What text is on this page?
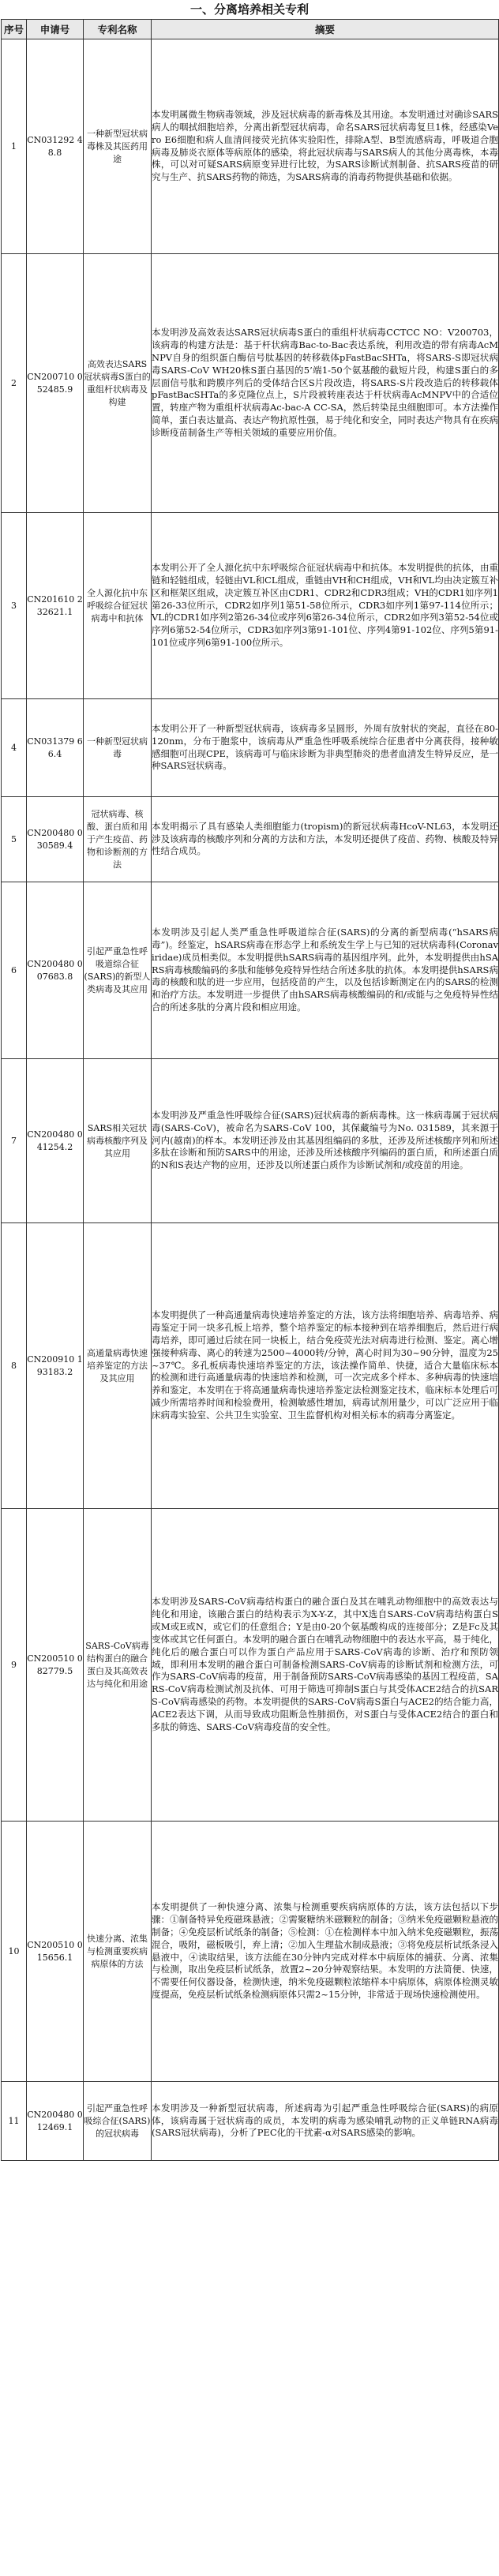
一、分离培养相关专利
序号	申请号	专利名称	摘要
1	CN031292 48.8	一种新型冠状病毒株及其医药用途	本发明属微生物病毒领域，涉及冠状病毒的新毒株及其用途。本发明通过对确诊SARS病人的咽拭细胞培养，分离出新型冠状病毒，命名SARS冠状病毒复旦1株，经感染Vero E6细胞和病人血清间接荧光抗体实验阳性，排除A型、B型流感病毒，呼吸道合胞病毒及肺炎衣原体等病原体的感染，将此冠状病毒与SARS病人的其他分离毒株，本毒株，可以对可疑SARS病原变异进行比较，为SARS诊断试剂制备、抗SARS疫苗的研究与生产、抗SARS药物的筛选，为SARS病毒的消毒药物提供基础和依据。

2	CN200710 052485.9	高效表达SARS冠状病毒S蛋白的重组杆状病毒及构建	本发明涉及高效表达SARS冠状病毒S蛋白的重组杆状病毒CCTCC NO：V200703，该病毒的构建方法是：基于杆状病毒Bac-to-Bac表达系统，利用改造的带有病毒AcMNPV自身的组织蛋白酶信号肽基因的转移载体pFastBacSHTa，将SARS-S即冠状病毒SARS-CoV WH20株S蛋白基因的5’端1-50个氨基酸的截短片段，构建S蛋白的多层面信号肽和跨膜序列后的受体结合区S片段改造，将SARS-S片段改造后的转移载体pFastBacSHTa的多克隆位点上，S片段被转座表达于杆状病毒AcMNPV中的合适位置，转座产物为重组杆状病毒Ac-bac-A CC-SA，然后转染昆虫细胞即可。本方法操作简单，蛋白表达量高、表达产物抗原性强，易于纯化和安全，同时表达产物具有在疾病诊断疫苗制备生产等相关领域的重要应用价值。

3	CN201610 232621.1	全人源化抗中东呼吸综合征冠状病毒中和抗体	本发明公开了全人源化抗中东呼吸综合征冠状病毒中和抗体。本发明提供的抗体，由重链和轻链组成，轻链由VL和CL组成，重链由VH和CH组成，VH和VL均由决定簇互补区和框架区组成，决定簇互补区由CDR1、CDR2和CDR3组成；VH的CDR1如序列1第26-33位所示，CDR2如序列1第51-58位所示，CDR3如序列1第97-114位所示；VL的CDR1如序列2第26-34位或序列6第26-34位所示，CDR2如序列3第52-54位或序列6第52-54位所示，CDR3如序列3第91-101位、序列4第91-102位、序列5第91-101位或序列6第91-100位所示。

4	CN031379 66.4	一种新型冠状病毒	本发明公开了一种新型冠状病毒，该病毒多呈圆形，外周有放射状的突起，直径在80-120nm，分布于胞浆中，该病毒从严重急性呼吸系统综合征患者中分离获得，接种敏感细胞可出现CPE，该病毒可与临床诊断为非典型肺炎的患者血清发生特异反应，是一种SARS冠状病毒。

5	CN200480 030589.4	冠状病毒、核酸、蛋白质和用于产生疫苗、药物和诊断剂的方法	本发明揭示了具有感染人类细胞能力(tropism)的新冠状病毒HcoV-NL63，本发明还涉及该病毒的核酸序列和分离的方法和方法，本发明还提供了疫苗、药物、核酸及特异性结合成员。

6	CN200480 007683.8	引起严重急性呼吸道综合征(SARS)的新型人类病毒及其应用	本发明涉及引起人类严重急性呼吸道综合征(SARS)的分离的新型病毒(“hSARS病毒”)。经鉴定，hSARS病毒在形态学上和系统发生学上与已知的冠状病毒科(Coronaviridae)成员相类似。本发明提供hSARS病毒的基因组序列。此外，本发明提供由hSARS病毒核酸编码的多肽和能够免疫特异性结合所述多肽的抗体。本发明提供hSARS病毒的核酸和肽的进一步应用，包括疫苗的产生，以及包括诊断测定在内的SARS的检测和治疗方法。本发明进一步提供了由hSARS病毒核酸编码的和/或能与之免疫特异性结合的所述多肽的分离片段和相应用途。

7	CN200480 041254.2	SARS相关冠状病毒核酸序列及其应用	本发明涉及严重急性呼吸综合征(SARS)冠状病毒的新病毒株。这一株病毒属于冠状病毒(SARS-CoV)，被命名为SARS-CoV 100，其保藏编号为No. 031589，其来源于河内(越南)的样本。本发明还涉及由其基因组编码的多肽，还涉及所述核酸序列和所述多肽在诊断和预防SARS中的用途，还涉及所述核酸序列编码的蛋白质，和所述蛋白质的N和S表达产物的应用，还涉及以所述蛋白质作为诊断试剂和/或疫苗的用途。

8	CN200910 193183.2	高通量病毒快速培养鉴定的方法及其应用	本发明提供了一种高通量病毒快速培养鉴定的方法，该方法将细胞培养、病毒培养、病毒鉴定于同一块多孔板上培养，整个培养鉴定的标本接种到在培养细胞后，然后进行病毒培养，即可通过后续在同一块板上，结合免疫荧光法对病毒进行检测、鉴定。离心增强接种病毒、离心的转速为2500~4000转/分钟，离心时间为30~90分钟，温度为25~37℃。多孔板病毒快速培养鉴定的方法，该法操作简单、快捷，适合大量临床标本的检测和进行高通量病毒的快速培养和检测，可一次完成多个样本、多种病毒的快速培养和鉴定，本发明在于将高通量病毒快速培养鉴定法检测鉴定技术，临床标本处理后可减少所需培养时间和检验费用，检测敏感性增加，病毒试剂用量少，可以广泛应用于临床病毒实验室、公共卫生实验室、卫生监督机构对相关标本的病毒分离鉴定。

9	CN200510 082779.5	SARS-CoV病毒结构蛋白的融合蛋白及其高效表达与纯化和用途	本发明涉及SARS-CoV病毒结构蛋白的融合蛋白及其在哺乳动物细胞中的高效表达与纯化和用途，该融合蛋白的结构表示为X-Y-Z，其中X选自SARS-CoV病毒结构蛋白S或M或E或N，或它们的任意组合；Y是由0-20个氨基酸构成的连接部分；Z是Fc及其变体或其它任何蛋白。本发明的融合蛋白在哺乳动物细胞中的表达水平高，易于纯化，纯化后的融合蛋白可以作为蛋白产品应用于SARS-CoV病毒的诊断、治疗和预防领域，即利用本发明的融合蛋白可制备检测SARS-CoV病毒的诊断试剂和检测方法，可作为SARS-CoV病毒的疫苗，用于制备预防SARS-CoV病毒感染的基因工程疫苗，SARS-CoV病毒检测试剂及抗体、可用于筛选可抑制S蛋白与其受体ACE2结合的抗SARS-CoV病毒感染的药物。本发明提供的SARS-CoV病毒S蛋白与ACE2的结合能力高，ACE2表达下调，从而导致成功阻断急性肺损伤，对S蛋白与受体ACE2结合的蛋白和多肽的筛选、SARS-CoV病毒疫苗的安全性。

10	CN200510 015656.1	快速分离、浓集与检测重要疾病病原体的方法	本发明提供了一种快速分离、浓集与检测重要疾病病原体的方法，该方法包括以下步骤：①制备特异免疫磁珠悬液；②需聚糖纳米磁颗粒的制备；③纳米免疫磁颗粒悬液的制备；④免疫层析试纸条的制备；⑤检测：①在检测样本中加入纳米免疫磁颗粒，振荡混合，吸附，磁板吸引，弃上清；②加入生理盐水制成悬液；③将免疫层析试纸条浸入悬液中，④读取结果，该方法能在30分钟内完成对样本中病原体的捕获、分离、浓集与检测，取出免疫层析试纸条，放置2~20分钟观察结果。本发明的方法简便、快速，不需要任何仪器设备，检测快速，纳米免疫磁颗粒浓缩样本中病原体，病原体检测灵敏度提高，免疫层析试纸条检测病原体只需2~15分钟，非常适于现场快速检测使用。

11	CN200480 012469.1	引起严重急性呼吸综合征(SARS)的冠状病毒	本发明涉及一种新型冠状病毒，所述病毒为引起严重急性呼吸综合征(SARS)的病原体，该病毒属于冠状病毒的成员，本发明的病毒为感染哺乳动物的正义单链RNA病毒(SARS冠状病毒)，分析了PEC化的干扰素-α对SARS感染的影响。
